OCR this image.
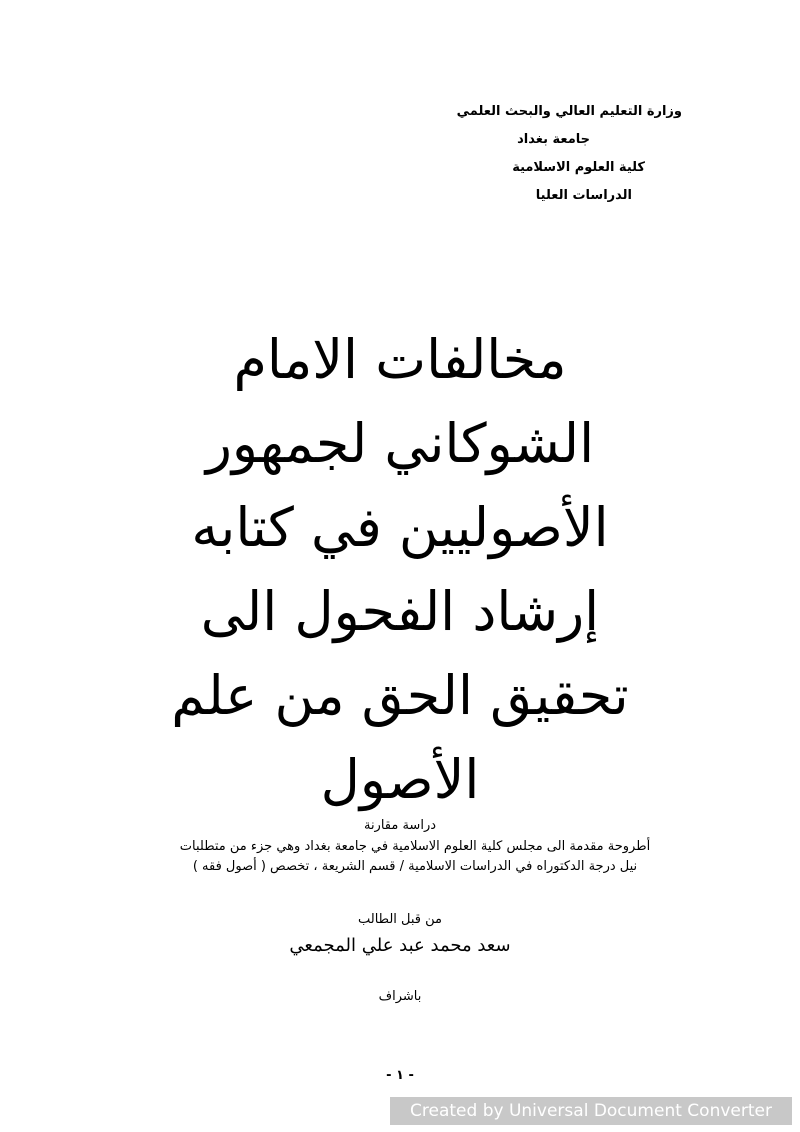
وزارة التعليم العالي والبحث العلمي
جامعة بغداد
كلية العلوم الاسلامية
الدراسات العليا
مخالفات الامام
الشوكاني لجمهور
الأصوليين في كتابه
إرشاد الفحول الى
تحقيق الحق من علم
الأصول
دراسة مقارنة
أطروحة مقدمة الى مجلس كلية العلوم الاسلامية في جامعة بغداد وهي جزء من متطلبات
نيل درجة الدكتوراه في الدراسات الاسلامية / قسم الشريعة ، تخصص ( أصول فقه )
من قبل الطالب
سعد محمد عبد علي المجمعي
باشراف
- ١ -
Created by Universal Document Converter
